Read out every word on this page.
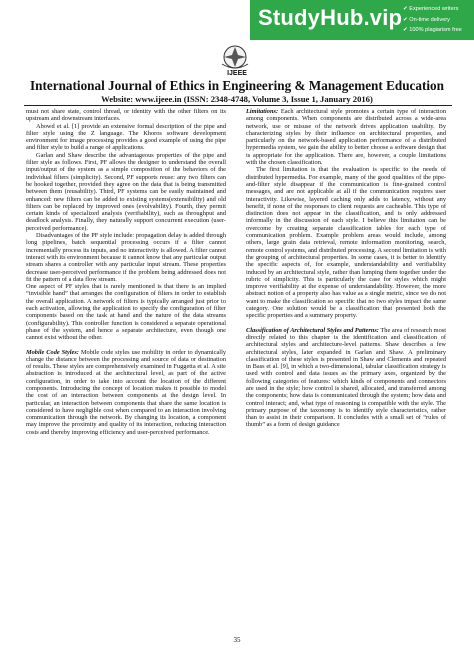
StudyHub.vip ✔ Experienced writers
✔ On-time delivery
✔ 100% plagiarism free
IJEEE
International Journal of Ethics in Engineering & Management Education
Website: www.ijeee.in (ISSN: 2348-4748, Volume 3, Issue 1, January 2016)

must not share state, control thread, or identity with the other filters on its upstream and downstream interfaces.

Abowd et al. [1] provide an extensive formal description of the pipe and filter style using the Z language. The Khoros software development environment for image processing provides a good example of using the pipe and filter style to build a range of applications.

Garlan and Shaw describe the advantageous properties of the pipe and filter style as follows. First, PF allows the designer to understand the overall input/output of the system as a simple composition of the behaviors of the individual filters (simplicity). Second, PF supports reuse: any two filters can be hooked together, provided they agree on the data that is being transmitted between them (reusability). Third, PF systems can be easily maintained and enhanced: new filters can be added to existing systems(extensibility) and old filters can be replaced by improved ones (evolvability). Fourth, they permit certain kinds of specialized analysis (verifiability), such as throughput and deadlock analysis. Finally, they naturally support concurrent execution (user-perceived performance).

Disadvantages of the PF style include: propagation delay is added through long pipelines, batch sequential processing occurs if a filter cannot incrementally process its inputs, and no interactivity is allowed. A filter cannot interact with its environment because it cannot know that any particular output stream shares a controller with any particular input stream. These properties decrease user-perceived performance if the problem being addressed does not fit the pattern of a data flow stream.

One aspect of PF styles that is rarely mentioned is that there is an implied “invisible hand” that arranges the configuration of filters in order to establish the overall application. A network of filters is typically arranged just prior to each activation, allowing the application to specify the configuration of filter components based on the task at hand and the nature of the data streams (configurability). This controller function is considered a separate operational phase of the system, and hence a separate architecture, even though one cannot exist without the other.

Mobile Code Styles: Mobile code styles use mobility in order to dynamically change the distance between the processing and source of data or destination of results. These styles are comprehensively examined in Fuggetta et al. A site abstraction is introduced at the architectural level, as part of the active configuration, in order to take into account the location of the different components. Introducing the concept of location makes it possible to model the cost of an interaction between components at the design level. In particular, an interaction between components that share the same location is considered to have negligible cost when compared to an interaction involving communication through the network. By changing its location, a component may improve the proximity and quality of its interaction, reducing interaction costs and thereby improving efficiency and user-perceived performance.

Limitations: Each architectural style promotes a certain type of interaction among components. When components are distributed across a wide-area network, use or misuse of the network drives application usability. By characterizing styles by their influence on architectural properties, and particularly on the network-based application performance of a distributed hypermedia system, we gain the ability to better choose a software design that is appropriate for the application. There are, however, a couple limitations with the chosen classification.

The first limitation is that the evaluation is specific to the needs of distributed hypermedia. For example, many of the good qualities of the pipe-and-filter style disappear if the communication is fine-grained control messages, and are not applicable at all if the communication requires user interactivity. Likewise, layered caching only adds to latency, without any benefit, if none of the responses to client requests are cacheable. This type of distinction does not appear in the classification, and is only addressed informally in the discussion of each style. I believe this limitation can be overcome by creating separate classification tables for each type of communication problem. Example problem areas would include, among others, large grain data retrieval, remote information monitoring, search, remote control systems, and distributed processing. A second limitation is with the grouping of architectural properties. In some cases, it is better to identify the specific aspects of, for example, understandability and verifiability induced by an architectural style, rather than lumping them together under the rubric of simplicity. This is particularly the case for styles which might improve verifiability at the expense of understandability. However, the more abstract notion of a property also has value as a single metric, since we do not want to make the classification so specific that no two styles impact the same category. One solution would be a classification that presented both the specific properties and a summary property.

Classification of Architectural Styles and Patterns: The area of research most directly related to this chapter is the identification and classification of architectural styles and architecture-level patterns. Shaw describes a few architectural styles, later expanded in Garlan and Shaw. A preliminary classification of these styles is presented in Shaw and Clements and repeated in Bass et al. [9], in which a two-dimensional, tabular classification strategy is used with control and data issues as the primary axes, organized by the following categories of features: which kinds of components and connectors are used in the style; how control is shared, allocated, and transferred among the components; how data is communicated through the system; how data and control interact; and, what type of reasoning is compatible with the style. The primary purpose of the taxonomy is to identify style characteristics, rather than to assist in their comparison. It concludes with a small set of “rules of thumb” as a form of design guidance

35
